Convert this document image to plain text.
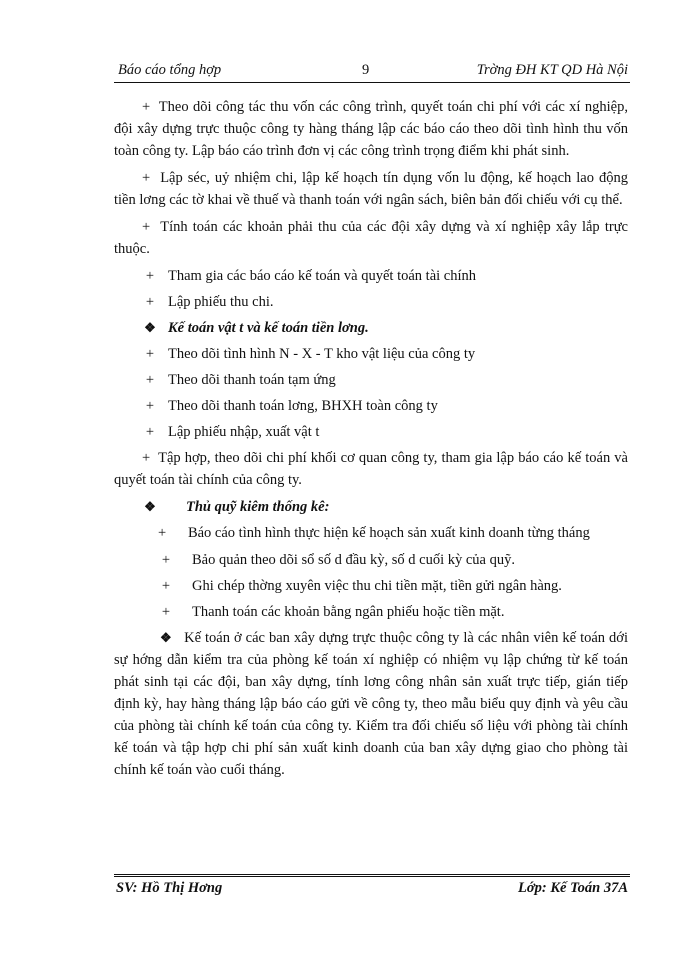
Báo cáo tổng hợp	9	Trờng ĐH KT QD Hà Nội

+ Theo dõi công tác thu vốn các công trình, quyết toán chi phí với các xí nghiệp, đội xây dựng trực thuộc công ty hàng tháng lập các báo cáo theo dõi tình hình thu vốn toàn công ty. Lập báo cáo trình đơn vị các công trình trọng điểm khi phát sinh.

+ Lập séc, uỷ nhiệm chi, lập kế hoạch tín dụng vốn lu động, kế hoạch lao động tiền lơng các tờ khai về thuế và thanh toán với ngân sách, biên bản đối chiếu với cụ thể.

+ Tính toán các khoản phải thu của các đội xây dựng và xí nghiệp xây lắp trực thuộc.

+ Tham gia các báo cáo kế toán và quyết toán tài chính
+ Lập phiếu thu chi.
❖ Kế toán vật t và kế toán tiền lơng.
+ Theo dõi tình hình N - X - T kho vật liệu của công ty
+ Theo dõi thanh toán tạm ứng
+ Theo dõi thanh toán lơng, BHXH toàn công ty
+ Lập phiếu nhập, xuất vật t

+ Tập hợp, theo dõi chi phí khối cơ quan công ty, tham gia lập báo cáo kế toán và quyết toán tài chính của công ty.

❖ Thủ quỹ kiêm thống kê:

+ Báo cáo tình hình thực hiện kế hoạch sản xuất kinh doanh từng tháng

+ Bảo quản theo dõi sổ số d đầu kỳ, số d cuối kỳ của quỹ.
+ Ghi chép thờng xuyên việc thu chi tiền mặt, tiền gửi ngân hàng.
+ Thanh toán các khoản bằng ngân phiếu hoặc tiền mặt.

❖ Kế toán ở các ban xây dựng trực thuộc công ty là các nhân viên kế toán dới sự hớng dẫn kiểm tra của phòng kế toán xí nghiệp có nhiệm vụ lập chứng từ kế toán phát sinh tại các đội, ban xây dựng, tính lơng công nhân sản xuất trực tiếp, gián tiếp định kỳ, hay hàng tháng lập báo cáo gửi về công ty, theo mẫu biểu quy định và yêu cầu của phòng tài chính kế toán của công ty. Kiểm tra đối chiếu số liệu với phòng tài chính kế toán và tập hợp chi phí sản xuất kinh doanh của ban xây dựng giao cho phòng tài chính kế toán vào cuối tháng.

SV: Hồ Thị Hơng	Lớp: Kế Toán 37A
